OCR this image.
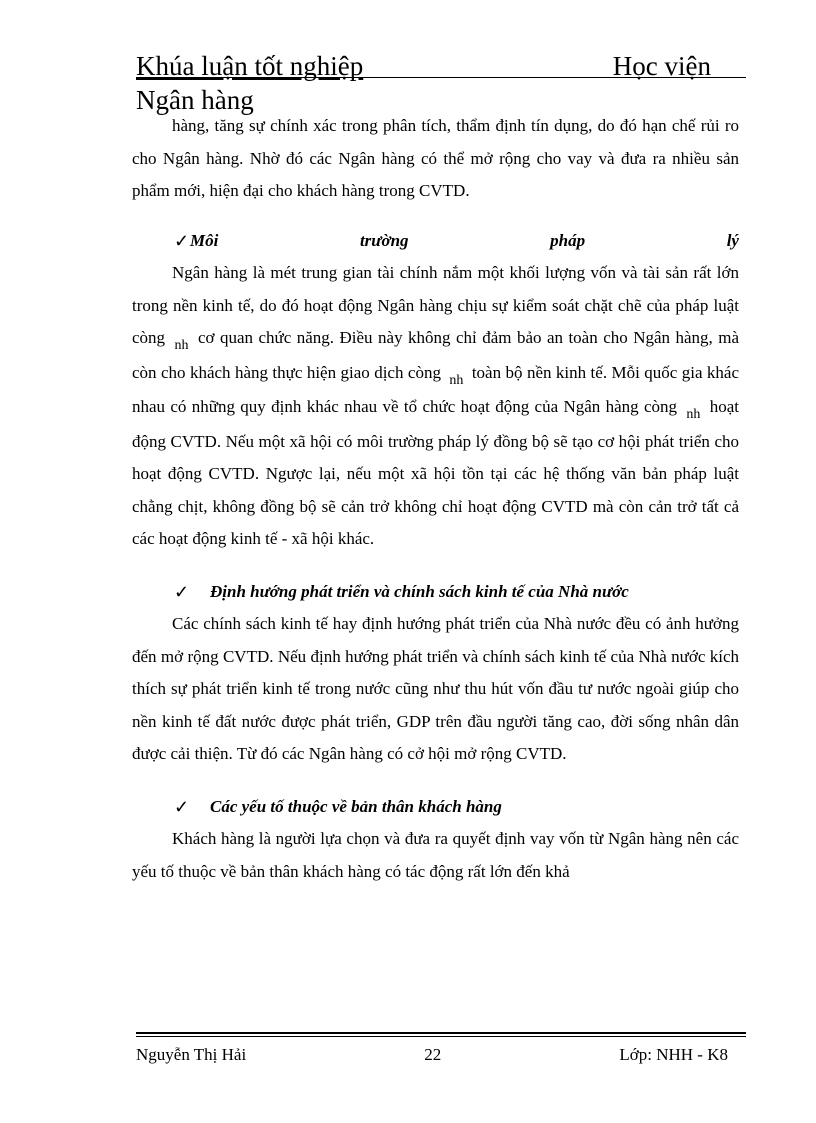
Khúa luận tốt nghiệp	Học viện
Ngân hàng

hàng, tăng sự chính xác trong phân tích, thẩm định tín dụng, do đó hạn chế rủi ro cho Ngân hàng. Nhờ đó các Ngân hàng có thể mở rộng cho vay và đưa ra nhiều sản phẩm mới, hiện đại cho khách hàng trong CVTD.

✓ Môi	trường	pháp	lý

Ngân hàng là mét trung gian tài chính nắm một khối lượng vốn và tài sản rất lớn trong nền kinh tế, do đó hoạt động Ngân hàng chịu sự kiểm soát chặt chẽ của pháp luật còng $_{nh}$ cơ quan chức năng. Điều này không chỉ đảm bảo an toàn cho Ngân hàng, mà còn cho khách hàng thực hiện giao dịch còng $_{nh}$ toàn bộ nền kinh tế. Mỗi quốc gia khác nhau có những quy định khác nhau về tổ chức hoạt động của Ngân hàng còng $_{nh}$ hoạt động CVTD. Nếu một xã hội có môi trường pháp lý đồng bộ sẽ tạo cơ hội phát triển cho hoạt động CVTD. Ngược lại, nếu một xã hội tồn tại các hệ thống văn bản pháp luật chằng chịt, không đồng bộ sẽ cản trở không chỉ hoạt động CVTD mà còn cản trở tất cả các hoạt động kinh tế - xã hội khác.

✓	Định hướng phát triển và chính sách kinh tế của Nhà nước

Các chính sách kinh tế hay định hướng phát triển của Nhà nước đều có ảnh hưởng đến mở rộng CVTD. Nếu định hướng phát triển và chính sách kinh tế của Nhà nước kích thích sự phát triển kinh tế trong nước cũng như thu hút vốn đầu tư nước ngoài giúp cho nền kinh tế đất nước được phát triển, GDP trên đầu người tăng cao, đời sống nhân dân được cải thiện. Từ đó các Ngân hàng có cở hội mở rộng CVTD.

✓	Các yếu tố thuộc về bản thân khách hàng

Khách hàng là người lựa chọn và đưa ra quyết định vay vốn từ Ngân hàng nên các yếu tố thuộc về bản thân khách hàng có tác động rất lớn đến khả

Nguyễn Thị Hải	22	Lớp: NHH - K8
